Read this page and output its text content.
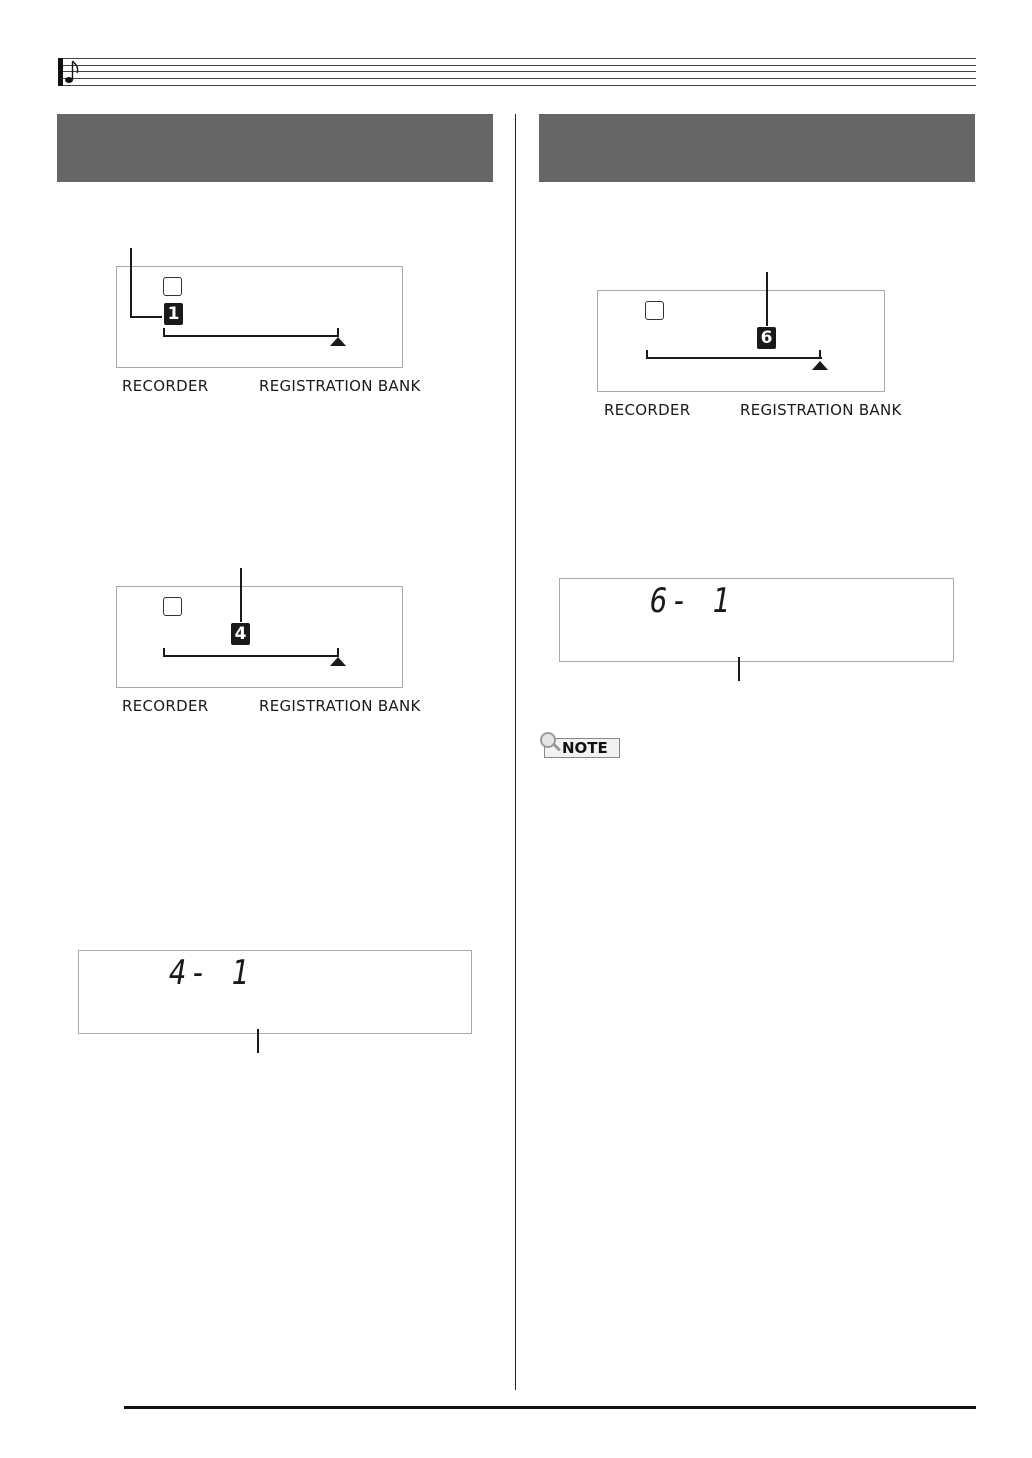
1
RECORDER	REGISTRATION BANK
4
RECORDER	REGISTRATION BANK
4- 1
6
RECORDER	REGISTRATION BANK
6- 1
NOTE
